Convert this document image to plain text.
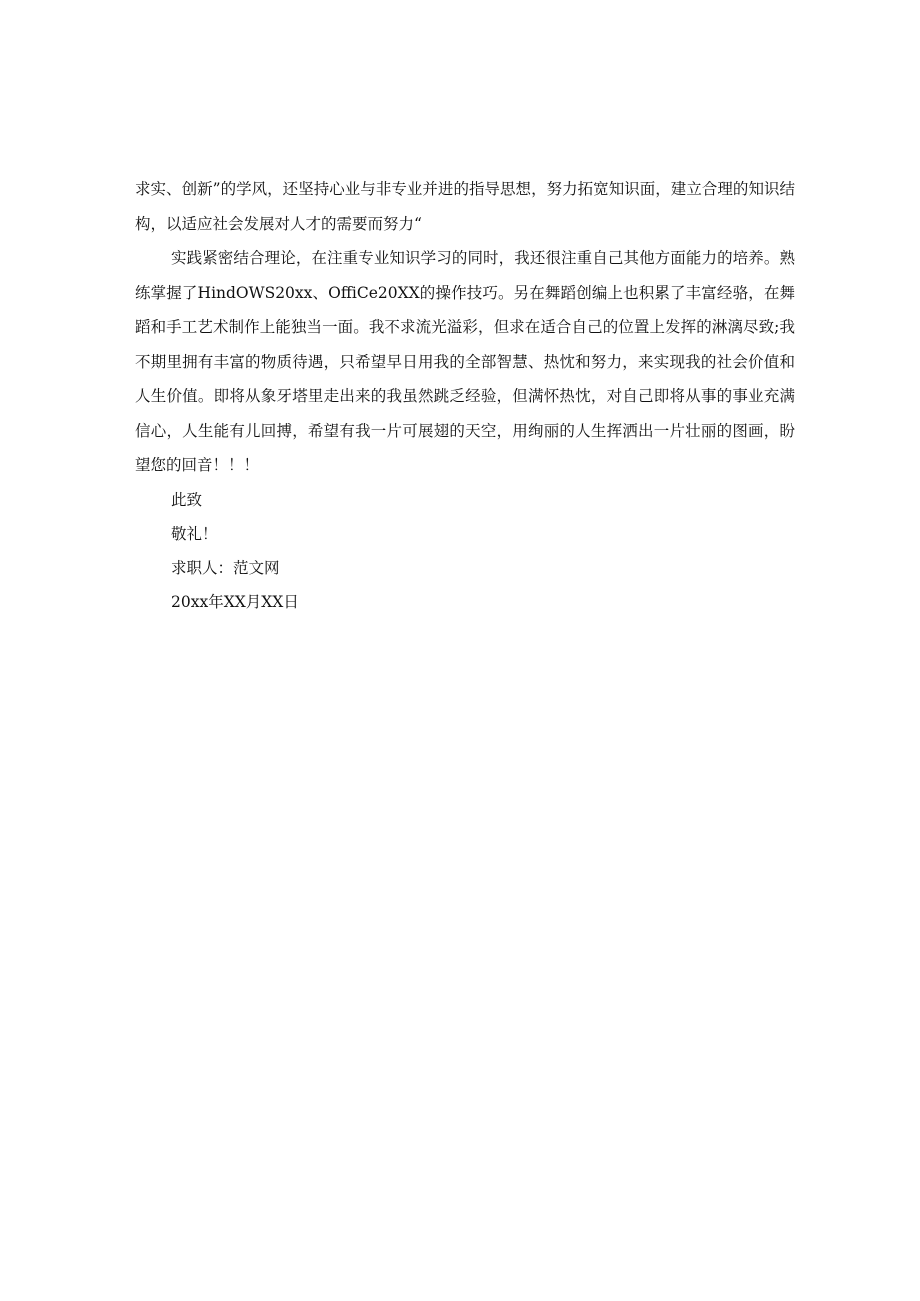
求实、创新”的学风，还坚持心业与非专业并进的指导思想，努力拓宽知识面，建立合理的知识结构，以适应社会发展对人才的需要而努力“

实践紧密结合理论，在注重专业知识学习的同时，我还很注重自己其他方面能力的培养。熟练掌握了HindOWS20xx、OffiCe20XX的操作技巧。另在舞蹈创编上也积累了丰富经骆，在舞蹈和手工艺术制作上能独当一面。我不求流光溢彩，但求在适合自己的位置上发挥的淋漓尽致;我不期里拥有丰富的物质待遇，只希望早日用我的全部智慧、热忱和努力，来实现我的社会价值和人生价值。即将从象牙塔里走出来的我虽然跳乏经验，但满怀热忱，对自己即将从事的事业充满信心，人生能有儿回搏，希望有我一片可展翅的天空，用绚丽的人生挥洒出一片壮丽的图画，盼望您的回音！！！

此致

敬礼！

求职人：范文网

20xx年XX月XX日
